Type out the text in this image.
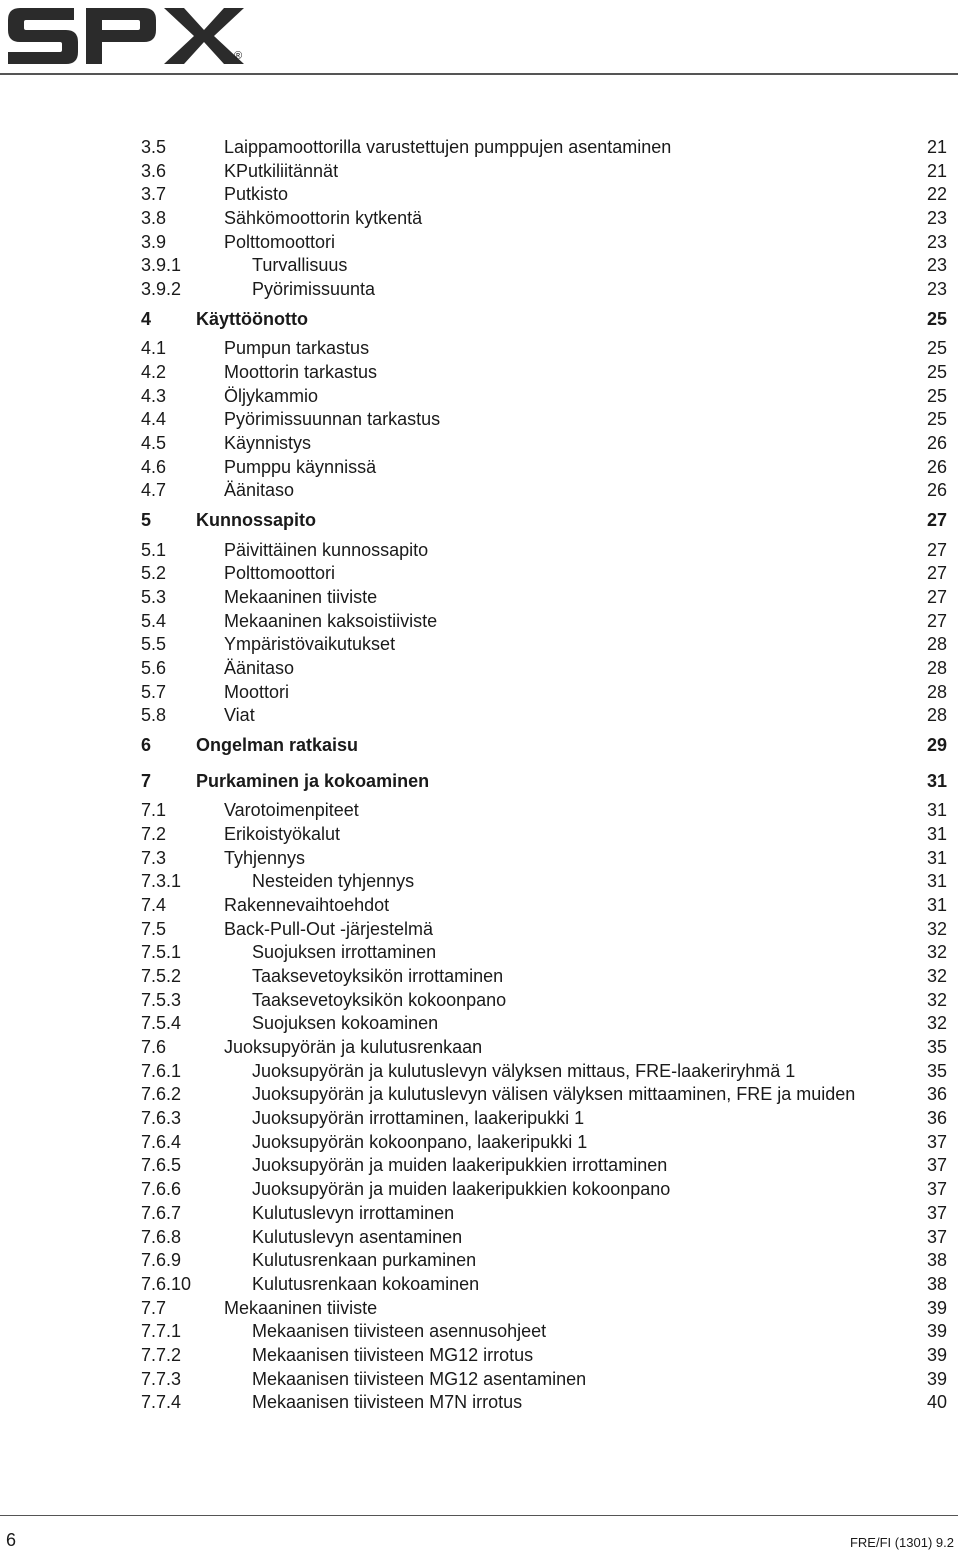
®
3.5	Laippamoottorilla varustettujen pumppujen asentaminen	21
3.6	KPutkiliitännät	21
3.7	Putkisto	22
3.8	Sähkömoottorin kytkentä	23
3.9	Polttomoottori	23
3.9.1	Turvallisuus	23
3.9.2	Pyörimissuunta	23
4 Käyttöönotto	25
4.1	Pumpun tarkastus	25
4.2	Moottorin tarkastus	25
4.3	Öljykammio	25
4.4	Pyörimissuunnan tarkastus	25
4.5	Käynnistys	26
4.6	Pumppu käynnissä	26
4.7	Äänitaso	26
5 Kunnossapito	27
5.1	Päivittäinen kunnossapito	27
5.2	Polttomoottori	27
5.3	Mekaaninen tiiviste	27
5.4	Mekaaninen kaksoistiiviste	27
5.5	Ympäristövaikutukset	28
5.6	Äänitaso	28
5.7	Moottori	28
5.8	Viat	28
6 Ongelman ratkaisu	29
7 Purkaminen ja kokoaminen	31
7.1	Varotoimenpiteet	31
7.2	Erikoistyökalut	31
7.3	Tyhjennys	31
7.3.1	Nesteiden tyhjennys	31
7.4	Rakennevaihtoehdot	31
7.5	Back-Pull-Out -järjestelmä	32
7.5.1	Suojuksen irrottaminen	32
7.5.2	Taaksevetoyksikön irrottaminen	32
7.5.3	Taaksevetoyksikön kokoonpano	32
7.5.4	Suojuksen kokoaminen	32
7.6	Juoksupyörän ja kulutusrenkaan	35
7.6.1	Juoksupyörän ja kulutuslevyn välyksen mittaus, FRE-laakeriryhmä 1	35
7.6.2	Juoksupyörän ja kulutuslevyn välisen välyksen mittaaminen, FRE ja muiden	36
7.6.3	Juoksupyörän irrottaminen, laakeripukki 1	36
7.6.4	Juoksupyörän kokoonpano, laakeripukki 1	37
7.6.5	Juoksupyörän ja muiden laakeripukkien irrottaminen	37
7.6.6	Juoksupyörän ja muiden laakeripukkien kokoonpano	37
7.6.7	Kulutuslevyn irrottaminen	37
7.6.8	Kulutuslevyn asentaminen	37
7.6.9	Kulutusrenkaan purkaminen	38
7.6.10	Kulutusrenkaan kokoaminen	38
7.7	Mekaaninen tiiviste	39
7.7.1	Mekaanisen tiivisteen asennusohjeet	39
7.7.2	Mekaanisen tiivisteen MG12 irrotus	39
7.7.3	Mekaanisen tiivisteen MG12 asentaminen	39
7.7.4	Mekaanisen tiivisteen M7N irrotus	40
6	FRE/FI (1301) 9.2
